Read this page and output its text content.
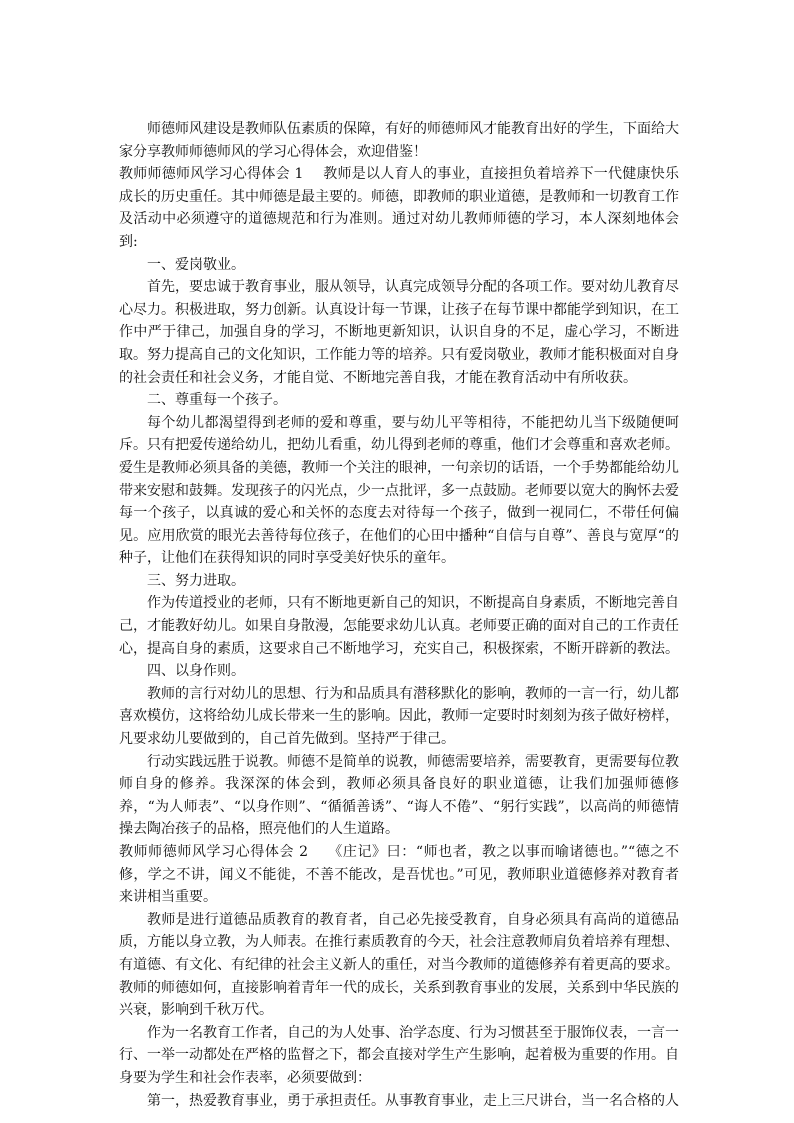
师德师风建设是教师队伍素质的保障，有好的师德师风才能教育出好的学生，下面给大家分享教师师德师风的学习心得体会，欢迎借鉴！

教师师德师风学习心得体会 1 教师是以人育人的事业，直接担负着培养下一代健康快乐成长的历史重任。其中师德是最主要的。师德，即教师的职业道德，是教师和一切教育工作及活动中必须遵守的道德规范和行为准则。通过对幼儿教师师德的学习，本人深刻地体会到:

一、爱岗敬业。

首先，要忠诚于教育事业，服从领导，认真完成领导分配的各项工作。要对幼儿教育尽心尽力。积极进取，努力创新。认真设计每一节课，让孩子在每节课中都能学到知识，在工作中严于律己，加强自身的学习，不断地更新知识，认识自身的不足，虚心学习，不断进取。努力提高自己的文化知识，工作能力等的培养。只有爱岗敬业，教师才能积极面对自身的社会责任和社会义务，才能自觉、不断地完善自我，才能在教育活动中有所收获。

二、尊重每一个孩子。

每个幼儿都渴望得到老师的爱和尊重，要与幼儿平等相待，不能把幼儿当下级随便呵斥。只有把爱传递给幼儿，把幼儿看重，幼儿得到老师的尊重，他们才会尊重和喜欢老师。爱生是教师必须具备的美德，教师一个关注的眼神，一句亲切的话语，一个手势都能给幼儿带来安慰和鼓舞。发现孩子的闪光点，少一点批评，多一点鼓励。老师要以宽大的胸怀去爱每一个孩子，以真诚的爱心和关怀的态度去对待每一个孩子，做到一视同仁，不带任何偏见。应用欣赏的眼光去善待每位孩子，在他们的心田中播种“自信与自尊”、善良与宽厚“的种子，让他们在获得知识的同时享受美好快乐的童年。

三、努力进取。

作为传道授业的老师，只有不断地更新自己的知识，不断提高自身素质，不断地完善自己，才能教好幼儿。如果自身散漫，怎能要求幼儿认真。老师要正确的面对自己的工作责任心，提高自身的素质，这要求自己不断地学习，充实自己，积极探索，不断开辟新的教法。

四、以身作则。

教师的言行对幼儿的思想、行为和品质具有潜移默化的影响，教师的一言一行，幼儿都喜欢模仿，这将给幼儿成长带来一生的影响。因此，教师一定要时时刻刻为孩子做好榜样，凡要求幼儿要做到的，自己首先做到。坚持严于律己。

行动实践远胜于说教。师德不是简单的说教，师德需要培养，需要教育，更需要每位教师自身的修养。我深深的体会到，教师必须具备良好的职业道德，让我们加强师德修养，“为人师表”、“以身作则”、“循循善诱”、“诲人不倦”、“躬行实践”，以高尚的师德情操去陶冶孩子的品格，照亮他们的人生道路。

教师师德师风学习心得体会 2 《庄记》曰：“师也者，教之以事而喻诸德也。”“德之不修，学之不讲，闻义不能徙，不善不能改，是吾忧也。”可见，教师职业道德修养对教育者来讲相当重要。

教师是进行道德品质教育的教育者，自己必先接受教育，自身必须具有高尚的道德品质，方能以身立教，为人师表。在推行素质教育的今天，社会注意教师肩负着培养有理想、有道德、有文化、有纪律的社会主义新人的重任，对当今教师的道德修养有着更高的要求。教师的师德如何，直接影响着青年一代的成长，关系到教育事业的发展，关系到中华民族的兴衰，影响到千秋万代。

作为一名教育工作者，自己的为人处事、治学态度、行为习惯甚至于服饰仪表，一言一行、一举一动都处在严格的监督之下，都会直接对学生产生影响，起着极为重要的作用。自身要为学生和社会作表率，必须要做到：

第一，热爱教育事业，勇于承担责任。从事教育事业，走上三尺讲台，当一名合格的人
